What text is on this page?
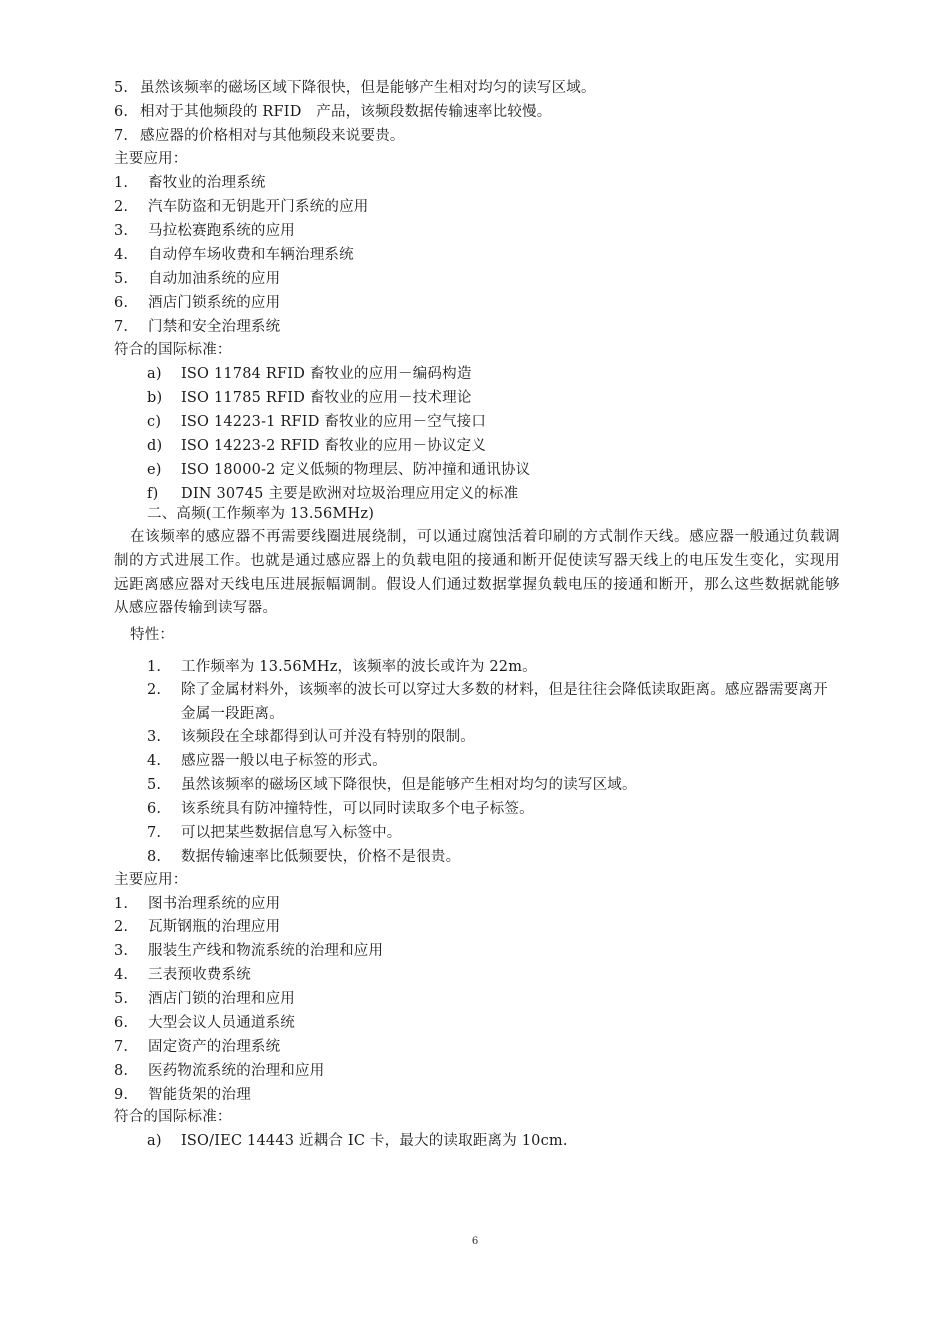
5. 虽然该频率的磁场区域下降很快，但是能够产生相对均匀的读写区域。
6. 相对于其他频段的 RFID　产品，该频段数据传输速率比较慢。
7. 感应器的价格相对与其他频段来说要贵。
主要应用：
1. 畜牧业的治理系统
2. 汽车防盗和无钥匙开门系统的应用
3. 马拉松赛跑系统的应用
4. 自动停车场收费和车辆治理系统
5. 自动加油系统的应用
6. 酒店门锁系统的应用
7. 门禁和安全治理系统
符合的国际标准：
a) ISO 11784 RFID 畜牧业的应用－编码构造
b) ISO 11785 RFID 畜牧业的应用－技术理论
c) ISO 14223-1 RFID 畜牧业的应用－空气接口
d) ISO 14223-2 RFID 畜牧业的应用－协议定义
e) ISO 18000-2 定义低频的物理层、防冲撞和通讯协议
f) DIN 30745 主要是欧洲对垃圾治理应用定义的标准
二、高频(工作频率为 13.56MHz)
在该频率的感应器不再需要线圈进展绕制，可以通过腐蚀活着印刷的方式制作天线。感应器一般通过负载调制的方式进展工作。也就是通过感应器上的负载电阻的接通和断开促使读写器天线上的电压发生变化，实现用远距离感应器对天线电压进展振幅调制。假设人们通过数据掌握负载电压的接通和断开，那么这些数据就能够从感应器传输到读写器。
特性：
1. 工作频率为 13.56MHz，该频率的波长或许为 22m。
2. 除了金属材料外，该频率的波长可以穿过大多数的材料，但是往往会降低读取距离。感应器需要离开金属一段距离。
3. 该频段在全球都得到认可并没有特别的限制。
4. 感应器一般以电子标签的形式。
5. 虽然该频率的磁场区域下降很快，但是能够产生相对均匀的读写区域。
6. 该系统具有防冲撞特性，可以同时读取多个电子标签。
7. 可以把某些数据信息写入标签中。
8. 数据传输速率比低频要快，价格不是很贵。
主要应用：
1. 图书治理系统的应用
2. 瓦斯钢瓶的治理应用
3. 服装生产线和物流系统的治理和应用
4. 三表预收费系统
5. 酒店门锁的治理和应用
6. 大型会议人员通道系统
7. 固定资产的治理系统
8. 医药物流系统的治理和应用
9. 智能货架的治理
符合的国际标准：
a) ISO/IEC 14443 近耦合 IC 卡，最大的读取距离为 10cm.
6
